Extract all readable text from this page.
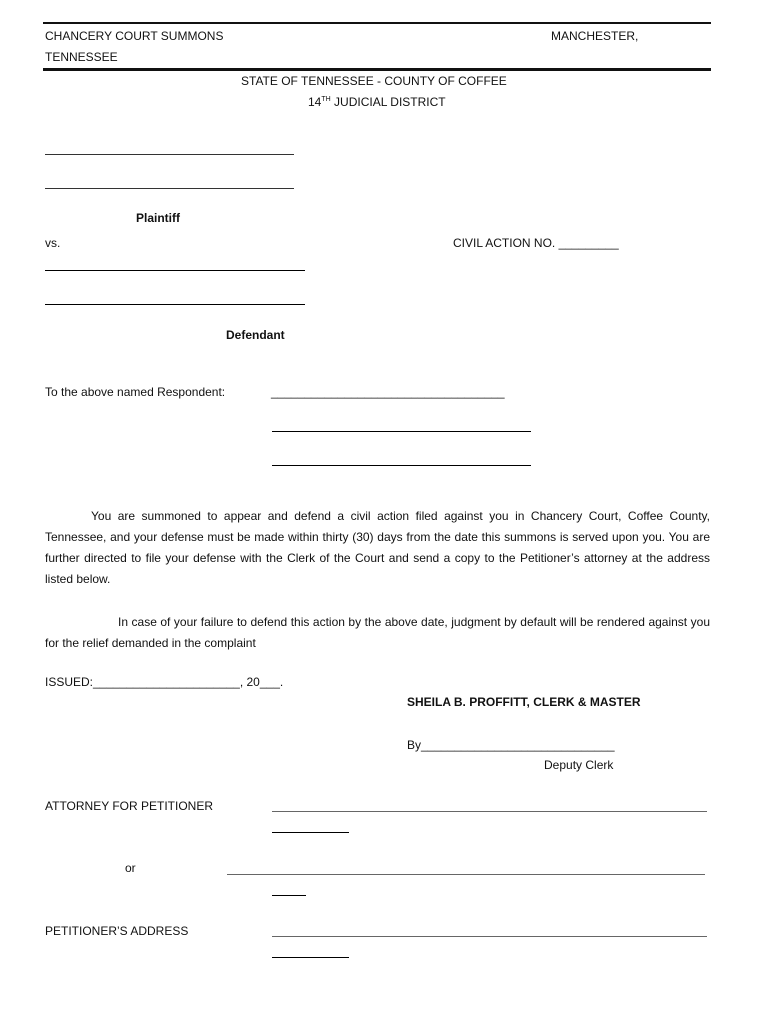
CHANCERY COURT SUMMONS	MANCHESTER,
TENNESSEE
STATE OF TENNESSEE - COUNTY OF COFFEE
14TH JUDICIAL DISTRICT
Plaintiff
vs.	CIVIL ACTION NO. _________
Defendant
To the above named Respondent:	___________________________________
You are summoned to appear and defend a civil action filed against you in Chancery Court, Coffee County, Tennessee, and your defense must be made within thirty (30) days from the date this summons is served upon you. You are further directed to file your defense with the Clerk of the Court and send a copy to the Petitioner’s attorney at the address listed below.
In case of your failure to defend this action by the above date, judgment by default will be rendered against you for the relief demanded in the complaint
ISSUED:______________________, 20___.
SHEILA B. PROFFITT, CLERK & MASTER
By_____________________________
Deputy Clerk
ATTORNEY FOR PETITIONER
or
PETITIONER’S ADDRESS
